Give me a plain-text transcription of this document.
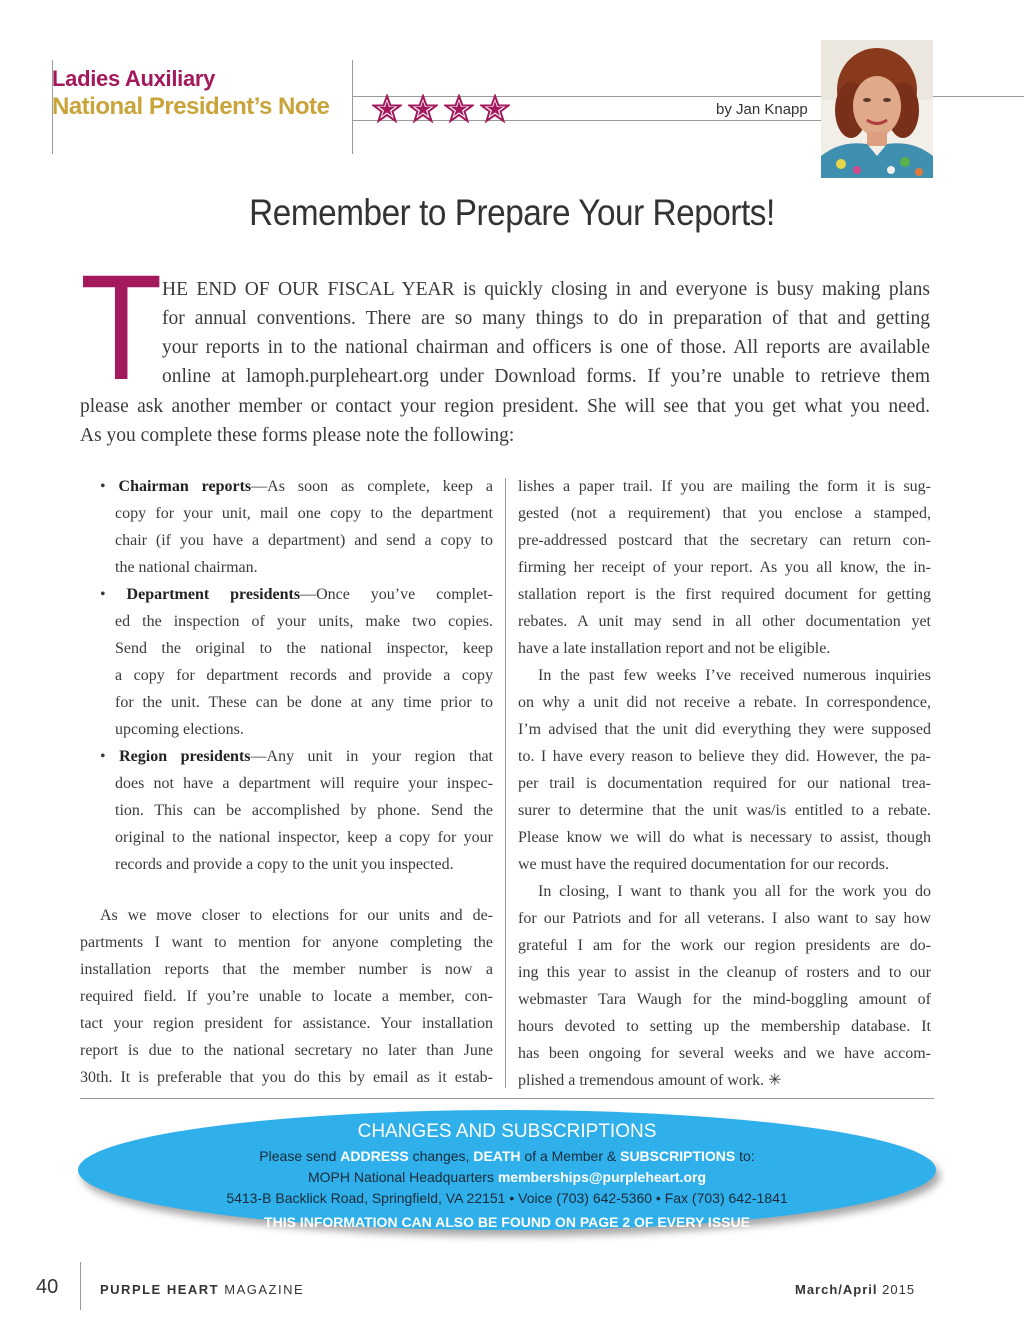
Ladies Auxiliary
National President’s Note	by Jan Knapp
Remember to Prepare Your Reports!
T HE END OF OUR FISCAL YEAR is quickly closing in and everyone is busy making plans
for annual conventions. There are so many things to do in preparation of that and getting
your reports in to the national chairman and officers is one of those. All reports are available
online at lamoph.purpleheart.org under Download forms. If you’re unable to retrieve them
please ask another member or contact your region president. She will see that you get what you need.
As you complete these forms please note the following:
• Chairman reports—As soon as complete, keep a
copy for your unit, mail one copy to the department
chair (if you have a department) and send a copy to
the national chairman.
• Department presidents—Once you’ve complet-
ed the inspection of your units, make two copies.
Send the original to the national inspector, keep
a copy for department records and provide a copy
for the unit. These can be done at any time prior to
upcoming elections.
• Region presidents—Any unit in your region that
does not have a department will require your inspec-
tion. This can be accomplished by phone. Send the
original to the national inspector, keep a copy for your
records and provide a copy to the unit you inspected.
As we move closer to elections for our units and de-
partments I want to mention for anyone completing the
installation reports that the member number is now a
required field. If you’re unable to locate a member, con-
tact your region president for assistance. Your installation
report is due to the national secretary no later than June
30th. It is preferable that you do this by email as it estab-
lishes a paper trail. If you are mailing the form it is sug-
gested (not a requirement) that you enclose a stamped,
pre-addressed postcard that the secretary can return con-
firming her receipt of your report. As you all know, the in-
stallation report is the first required document for getting
rebates. A unit may send in all other documentation yet
have a late installation report and not be eligible.
In the past few weeks I’ve received numerous inquiries
on why a unit did not receive a rebate. In correspondence,
I’m advised that the unit did everything they were supposed
to. I have every reason to believe they did. However, the pa-
per trail is documentation required for our national trea-
surer to determine that the unit was/is entitled to a rebate.
Please know we will do what is necessary to assist, though
we must have the required documentation for our records.
In closing, I want to thank you all for the work you do
for our Patriots and for all veterans. I also want to say how
grateful I am for the work our region presidents are do-
ing this year to assist in the cleanup of rosters and to our
webmaster Tara Waugh for the mind-boggling amount of
hours devoted to setting up the membership database. It
has been ongoing for several weeks and we have accom-
plished a tremendous amount of work. ✳
CHANGES AND SUBSCRIPTIONS
Please send ADDRESS changes, DEATH of a Member & SUBSCRIPTIONS to:
MOPH National Headquarters memberships@purpleheart.org
5413-B Backlick Road, Springfield, VA 22151 • Voice (703) 642-5360 • Fax (703) 642-1841
THIS INFORMATION CAN ALSO BE FOUND ON PAGE 2 OF EVERY ISSUE
40	PURPLE HEART MAGAZINE	March/April 2015
